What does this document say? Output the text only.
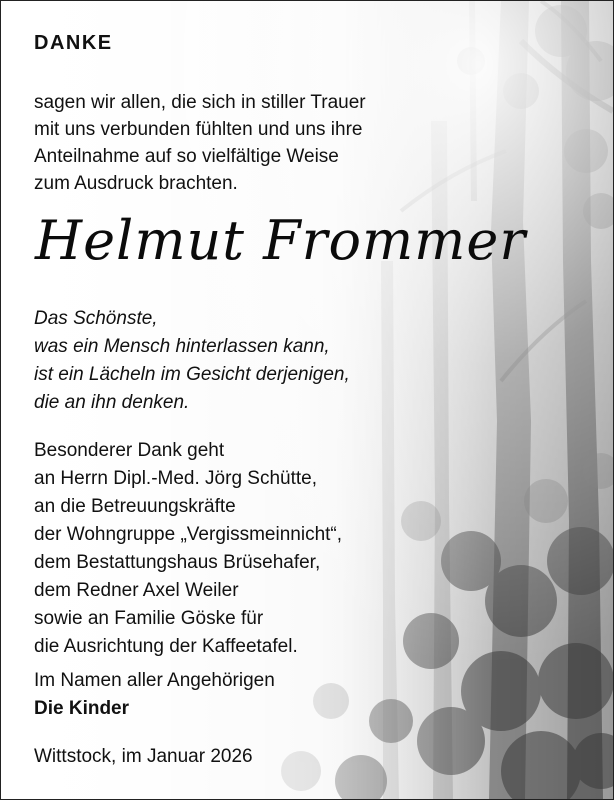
DANKE

sagen wir allen, die sich in stiller Trauer
mit uns verbunden fühlten und uns ihre
Anteilnahme auf so vielfältige Weise
zum Ausdruck brachten.

Helmut Frommer

Das Schönste,
was ein Mensch hinterlassen kann,
ist ein Lächeln im Gesicht derjenigen,
die an ihn denken.

Besonderer Dank geht
an Herrn Dipl.-Med. Jörg Schütte,
an die Betreuungskräfte
der Wohngruppe „Vergissmeinnicht“,
dem Bestattungshaus Brüsehafer,
dem Redner Axel Weiler
sowie an Familie Göske für
die Ausrichtung der Kaffeetafel.

Im Namen aller Angehörigen
Die Kinder

Wittstock, im Januar 2026
